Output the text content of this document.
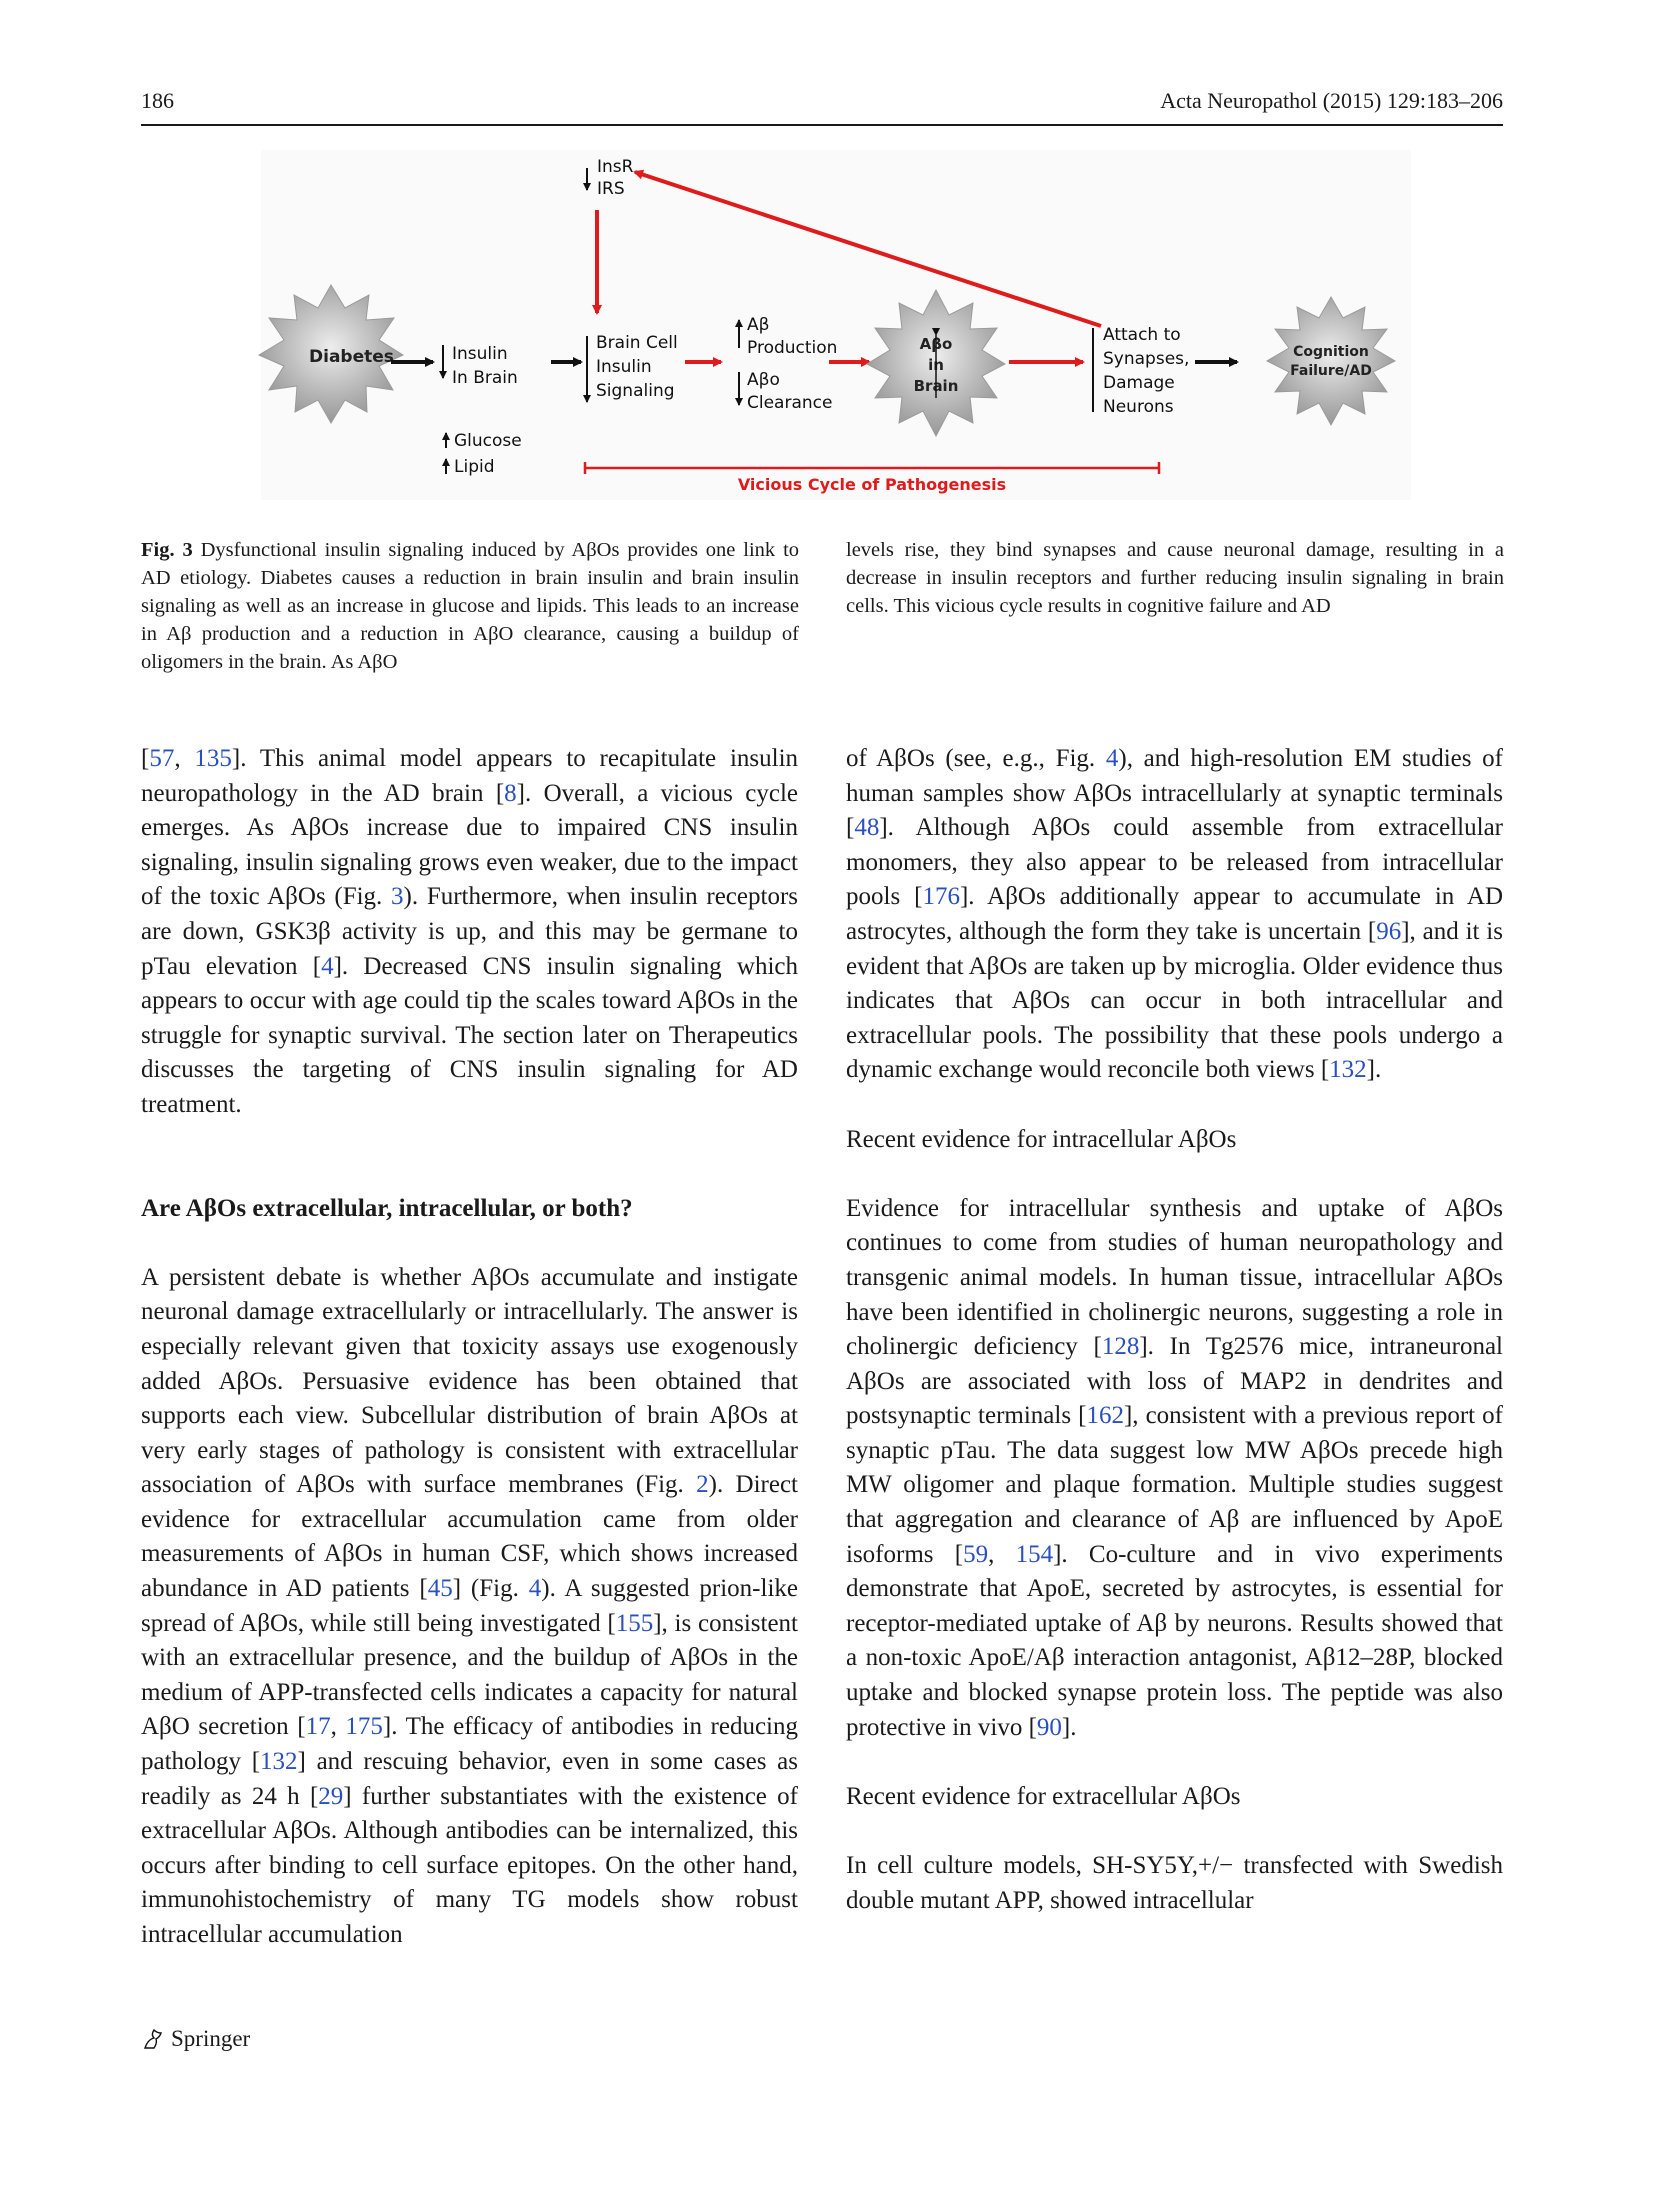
186	Acta Neuropathol (2015) 129:183–206
InsR
IRS
Diabetes	Insulin
In Brain
Brain Cell
Insulin
Signaling
Aβ
Production
Aβo
Clearance
Aβo
in
Brain
Attach to
Synapses,
Damage
Neurons
Cognition
Failure/AD
Glucose
Lipid
Vicious Cycle of Pathogenesis
Fig. 3 Dysfunctional insulin signaling induced by AβOs provides one link to AD etiology. Diabetes causes a reduction in brain insulin and brain insulin signaling as well as an increase in glucose and lipids. This leads to an increase in Aβ production and a reduction in AβO clearance, causing a buildup of oligomers in the brain. As AβO
levels rise, they bind synapses and cause neuronal damage, resulting in a decrease in insulin receptors and further reducing insulin signaling in brain cells. This vicious cycle results in cognitive failure and AD

[57, 135]. This animal model appears to recapitulate insulin neuropathology in the AD brain [8]. Overall, a vicious cycle emerges. As AβOs increase due to impaired CNS insulin signaling, insulin signaling grows even weaker, due to the impact of the toxic AβOs (Fig. 3). Furthermore, when insulin receptors are down, GSK3β activity is up, and this may be germane to pTau elevation [4]. Decreased CNS insulin signaling which appears to occur with age could tip the scales toward AβOs in the struggle for synaptic survival. The section later on Therapeutics discusses the targeting of CNS insulin signaling for AD treatment.

Are AβOs extracellular, intracellular, or both?

A persistent debate is whether AβOs accumulate and instigate neuronal damage extracellularly or intracellularly. The answer is especially relevant given that toxicity assays use exogenously added AβOs. Persuasive evidence has been obtained that supports each view. Subcellular distribution of brain AβOs at very early stages of pathology is consistent with extracellular association of AβOs with surface membranes (Fig. 2). Direct evidence for extracellular accumulation came from older measurements of AβOs in human CSF, which shows increased abundance in AD patients [45] (Fig. 4). A suggested prion-like spread of AβOs, while still being investigated [155], is consistent with an extracellular presence, and the buildup of AβOs in the medium of APP-transfected cells indicates a capacity for natural AβO secretion [17, 175]. The efficacy of antibodies in reducing pathology [132] and rescuing behavior, even in some cases as readily as 24 h [29] further substantiates with the existence of extracellular AβOs. Although antibodies can be internalized, this occurs after binding to cell surface epitopes. On the other hand, immunohistochemistry of many TG models show robust intracellular accumulation

of AβOs (see, e.g., Fig. 4), and high-resolution EM studies of human samples show AβOs intracellularly at synaptic terminals [48]. Although AβOs could assemble from extracellular monomers, they also appear to be released from intracellular pools [176]. AβOs additionally appear to accumulate in AD astrocytes, although the form they take is uncertain [96], and it is evident that AβOs are taken up by microglia. Older evidence thus indicates that AβOs can occur in both intracellular and extracellular pools. The possibility that these pools undergo a dynamic exchange would reconcile both views [132].

Recent evidence for intracellular AβOs

Evidence for intracellular synthesis and uptake of AβOs continues to come from studies of human neuropathology and transgenic animal models. In human tissue, intracellular AβOs have been identified in cholinergic neurons, suggesting a role in cholinergic deficiency [128]. In Tg2576 mice, intraneuronal AβOs are associated with loss of MAP2 in dendrites and postsynaptic terminals [162], consistent with a previous report of synaptic pTau. The data suggest low MW AβOs precede high MW oligomer and plaque formation. Multiple studies suggest that aggregation and clearance of Aβ are influenced by ApoE isoforms [59, 154]. Co-culture and in vivo experiments demonstrate that ApoE, secreted by astrocytes, is essential for receptor-mediated uptake of Aβ by neurons. Results showed that a non-toxic ApoE/Aβ interaction antagonist, Aβ12–28P, blocked uptake and blocked synapse protein loss. The peptide was also protective in vivo [90].

Recent evidence for extracellular AβOs

In cell culture models, SH-SY5Y,+/− transfected with Swedish double mutant APP, showed intracellular

Springer
